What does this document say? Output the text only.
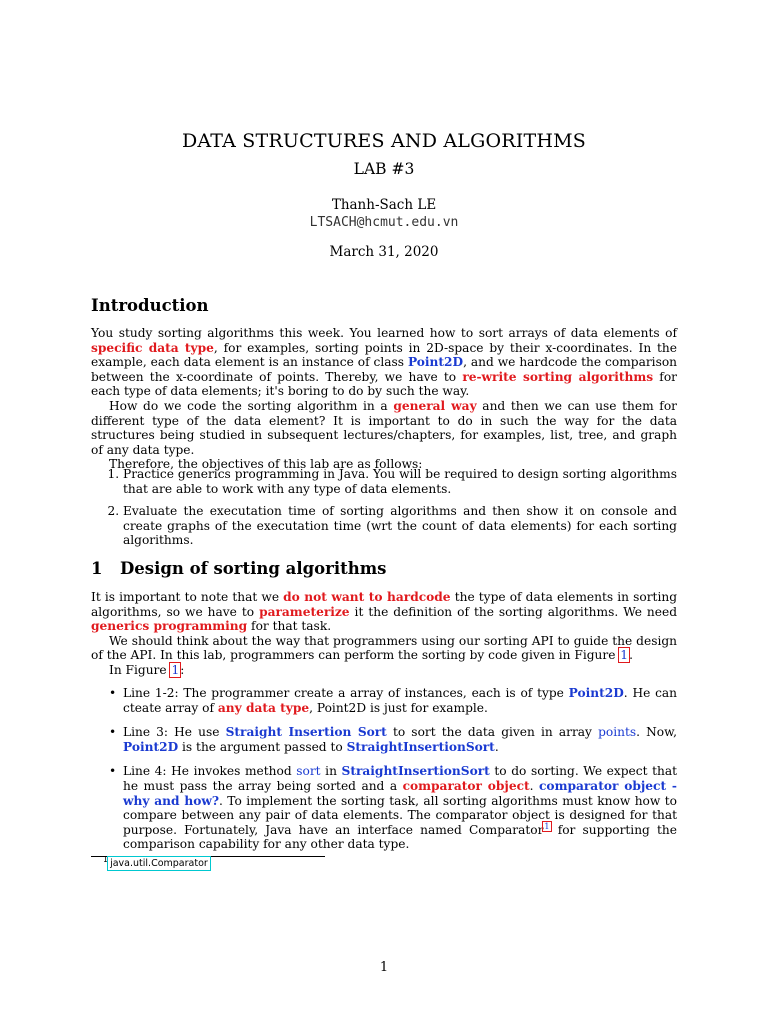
DATA STRUCTURES AND ALGORITHMS
LAB #3
Thanh-Sach LE
LTSACH@hcmut.edu.vn
March 31, 2020
Introduction

You study sorting algorithms this week. You learned how to sort arrays of data elements of specific data type, for examples, sorting points in 2D-space by their x-coordinates. In the example, each data element is an instance of class Point2D, and we hardcode the comparison between the x-coordinate of points. Thereby, we have to re-write sorting algorithms for each type of data elements; it's boring to do by such the way.

How do we code the sorting algorithm in a general way and then we can use them for different type of the data element? It is important to do in such the way for the data structures being studied in subsequent lectures/chapters, for examples, list, tree, and graph of any data type.

Therefore, the objectives of this lab are as follows:

1. Practice generics programming in Java. You will be required to design sorting algorithms that are able to work with any type of data elements.
2. Evaluate the executation time of sorting algorithms and then show it on console and create graphs of the executation time (wrt the count of data elements) for each sorting algorithms.
1 Design of sorting algorithms

It is important to note that we do not want to hardcode the type of data elements in sorting algorithms, so we have to parameterize it the definition of the sorting algorithms. We need generics programming for that task.

We should think about the way that programmers using our sorting API to guide the design of the API. In this lab, programmers can perform the sorting by code given in Figure 1.

In Figure 1:

• Line 1-2: The programmer create a array of instances, each is of type Point2D. He can cteate array of any data type, Point2D is just for example.
• Line 3: He use Straight Insertion Sort to sort the data given in array points. Now, Point2D is the argument passed to StraightInsertionSort.
• Line 4: He invokes method sort in StraightInsertionSort to do sorting. We expect that he must pass the array being sorted and a comparator object. comparator object - why and how?. To implement the sorting task, all sorting algorithms must know how to compare between any pair of data elements. The comparator object is designed for that purpose. Fortunately, Java have an interface named Comparator$^1$ for supporting the comparison capability for any other data type.
$^1$ java.util.Comparator
1
